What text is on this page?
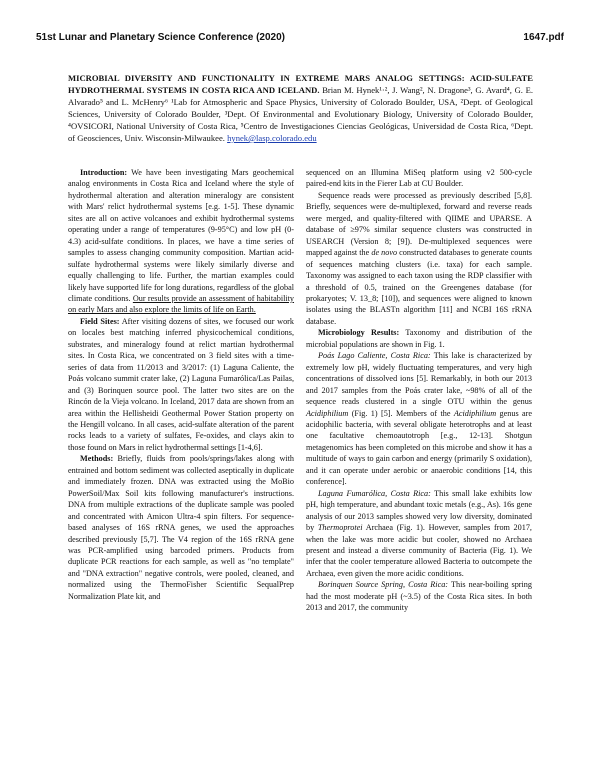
51st Lunar and Planetary Science Conference (2020)	1647.pdf
MICROBIAL DIVERSITY AND FUNCTIONALITY IN EXTREME MARS ANALOG SETTINGS: ACID-SULFATE HYDROTHERMAL SYSTEMS IN COSTA RICA AND ICELAND. Brian M. Hynek¹·², J. Wang², N. Dragone³, G. Avard⁴, G. E. Alvarado⁵ and L. McHenry⁶ ¹Lab for Atmospheric and Space Physics, University of Colorado Boulder, USA, ²Dept. of Geological Sciences, University of Colorado Boulder, ³Dept. Of Environmental and Evolutionary Biology, University of Colorado Boulder, ⁴OVSICORI, National University of Costa Rica, ⁵Centro de Investigaciones Ciencias Geológicas, Universidad de Costa Rica, ⁶Dept. of Geosciences, Univ. Wisconsin-Milwaukee. hynek@lasp.colorado.edu

Introduction: We have been investigating Mars geochemical analog environments in Costa Rica and Iceland where the style of hydrothermal alteration and alteration mineralogy are consistent with Mars' relict hydrothermal systems [e.g. 1-5]. These dynamic sites are all on active volcanoes and exhibit hydrothermal systems operating under a range of temperatures (9-95°C) and low pH (0-4.3) acid-sulfate conditions. In places, we have a time series of samples to assess changing community composition. Martian acid-sulfate hydrothermal systems were likely similarly diverse and equally challenging to life. Further, the martian examples could likely have supported life for long durations, regardless of the global climate conditions. Our results provide an assessment of habitability on early Mars and also explore the limits of life on Earth.

Field Sites: After visiting dozens of sites, we focused our work on locales best matching inferred physicochemical conditions, substrates, and mineralogy found at relict martian hydrothermal sites. In Costa Rica, we concentrated on 3 field sites with a time-series of data from 11/2013 and 3/2017: (1) Laguna Caliente, the Poás volcano summit crater lake, (2) Laguna Fumarólica/Las Pailas, and (3) Borinquen source pool. The latter two sites are on the Rincón de la Vieja volcano. In Iceland, 2017 data are shown from an area within the Hellisheidi Geothermal Power Station property on the Hengill volcano. In all cases, acid-sulfate alteration of the parent rocks leads to a variety of sulfates, Fe-oxides, and clays akin to those found on Mars in relict hydrothermal settings [1-4,6].

Methods: Briefly, fluids from pools/springs/lakes along with entrained and bottom sediment was collected aseptically in duplicate and immediately frozen. DNA was extracted using the MoBio PowerSoil/Max Soil kits following manufacturer's instructions. DNA from multiple extractions of the duplicate sample was pooled and concentrated with Amicon Ultra-4 spin filters. For sequence-based analyses of 16S rRNA genes, we used the approaches described previously [5,7]. The V4 region of the 16S rRNA gene was PCR-amplified using barcoded primers. Products from duplicate PCR reactions for each sample, as well as "no template" and "DNA extraction" negative controls, were pooled, cleaned, and normalized using the ThermoFisher Scientific SequalPrep Normalization Plate kit, and

sequenced on an Illumina MiSeq platform using v2 500-cycle paired-end kits in the Fierer Lab at CU Boulder.

Sequence reads were processed as previously described [5,8]. Briefly, sequences were de-multiplexed, forward and reverse reads were merged, and quality-filtered with QIIME and UPARSE. A database of ≥97% similar sequence clusters was constructed in USEARCH (Version 8; [9]). De-multiplexed sequences were mapped against the de novo constructed databases to generate counts of sequences matching clusters (i.e. taxa) for each sample. Taxonomy was assigned to each taxon using the RDP classifier with a threshold of 0.5, trained on the Greengenes database (for prokaryotes; V. 13_8; [10]), and sequences were aligned to known isolates using the BLASTn algorithm [11] and NCBI 16S rRNA database.

Microbiology Results: Taxonomy and distribution of the microbial populations are shown in Fig. 1.

Poás Lago Caliente, Costa Rica: This lake is characterized by extremely low pH, widely fluctuating temperatures, and very high concentrations of dissolved ions [5]. Remarkably, in both our 2013 and 2017 samples from the Poás crater lake, ~98% of all of the sequence reads clustered in a single OTU within the genus Acidiphilium (Fig. 1) [5]. Members of the Acidiphilium genus are acidophilic bacteria, with several obligate heterotrophs and at least one facultative chemoautotroph [e.g., 12-13]. Shotgun metagenomics has been completed on this microbe and show it has a multitude of ways to gain carbon and energy (primarily S oxidation), and it can operate under aerobic or anaerobic conditions [14, this conference].

Laguna Fumarólica, Costa Rica: This small lake exhibits low pH, high temperature, and abundant toxic metals (e.g., As). 16s gene analysis of our 2013 samples showed very low diversity, dominated by Thermoprotei Archaea (Fig. 1). However, samples from 2017, when the lake was more acidic but cooler, showed no Archaea present and instead a diverse community of Bacteria (Fig. 1). We infer that the cooler temperature allowed Bacteria to outcompete the Archaea, even given the more acidic conditions.

Borinquen Source Spring, Costa Rica: This near-boiling spring had the most moderate pH (~3.5) of the Costa Rica sites. In both 2013 and 2017, the community
